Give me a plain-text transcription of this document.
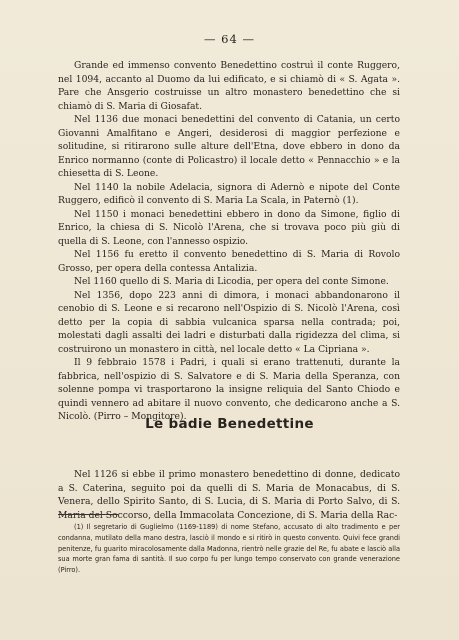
— 64 —

Grande ed immenso convento Benedettino costruì il conte Ruggero, nel 1094, accanto al Duomo da lui edificato, e si chiamò di « S. Agata ». Pare che Ansgerio costruisse un altro monastero benedettino che si chiamò di S. Maria di Giosafat.

Nel 1136 due monaci benedettini del convento di Catania, un certo Giovanni Amalfitano e Angeri, desiderosi di maggior perfezione e solitudine, si ritirarono sulle alture dell'Etna, dove ebbero in dono da Enrico normanno (conte di Policastro) il locale detto « Pennacchio » e la chiesetta di S. Leone.

Nel 1140 la nobile Adelacia, signora di Adernò e nipote del Conte Ruggero, edificò il convento di S. Maria La Scala, in Paternò (1).

Nel 1150 i monaci benedettini ebbero in dono da Simone, figlio di Enrico, la chiesa di S. Nicolò l'Arena, che si trovava poco più giù di quella di S. Leone, con l'annesso ospizio.

Nel 1156 fu eretto il convento benedettino di S. Maria di Rovolo Grosso, per opera della contessa Antalizia.

Nel 1160 quello di S. Maria di Licodia, per opera del conte Simone.

Nel 1356, dopo 223 anni di dimora, i monaci abbandonarono il cenobio di S. Leone e si recarono nell'Ospizio di S. Nicolò l'Arena, così detto per la copia di sabbia vulcanica sparsa nella contrada; poi, molestati dagli assalti dei ladri e disturbati dalla rigidezza del clima, si costruirono un monastero in città, nel locale detto « La Cipriana ».

Il 9 febbraio 1578 i Padri, i quali si erano trattenuti, durante la fabbrica, nell'ospizio di S. Salvatore e di S. Maria della Speranza, con solenne pompa vi trasportarono la insigne reliquia del Santo Chiodo e quindi vennero ad abitare il nuovo convento, che dedicarono anche a S. Nicolò. (Pirro – Mongitore).

Le badie Benedettine

Nel 1126 si ebbe il primo monastero benedettino di donne, dedicato a S. Caterina, seguito poi da quelli di S. Maria de Monacabus, di S. Venera, dello Spirito Santo, di S. Lucia, di S. Maria di Porto Salvo, di S. Maria del Soccorso, della Immacolata Concezione, di S. Maria della Rac-

(1) Il segretario di Guglielmo (1169-1189) di nome Stefano, accusato di alto tradimento e per condanna, mutilato della mano destra, lasciò il mondo e si ritirò in questo convento. Quivi fece grandi penitenze, fu guarito miracolosamente dalla Madonna, rientrò nelle grazie del Re, fu abate e lasciò alla sua morte gran fama di santità. Il suo corpo fu per lungo tempo conservato con grande venerazione (Pirro).
